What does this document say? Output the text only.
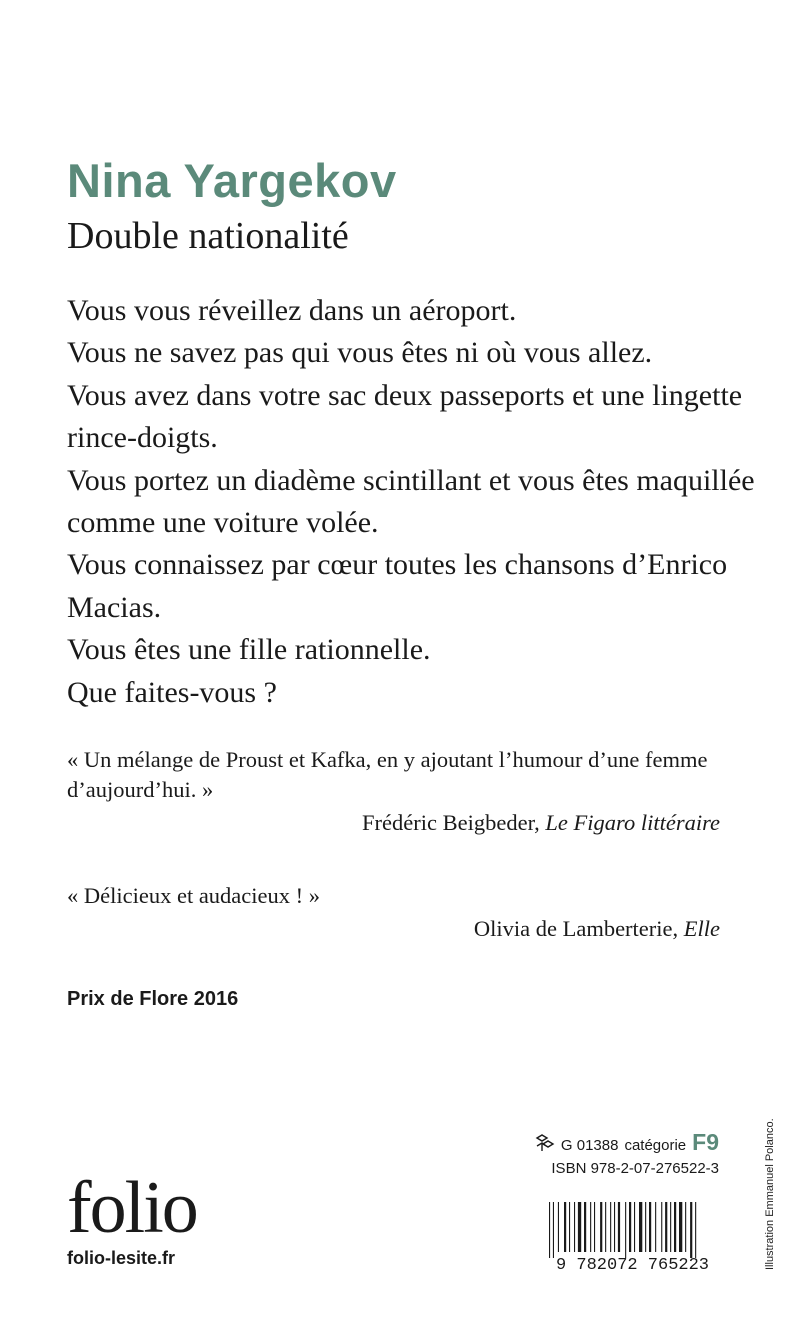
Nina Yargekov
Double nationalité
Vous vous réveillez dans un aéroport.
Vous ne savez pas qui vous êtes ni où vous allez.
Vous avez dans votre sac deux passeports et une lingette
rince-doigts.
Vous portez un diadème scintillant et vous êtes maquillée
comme une voiture volée.
Vous connaissez par cœur toutes les chansons d’Enrico
Macias.
Vous êtes une fille rationnelle.
Que faites-vous ?
« Un mélange de Proust et Kafka, en y ajoutant l’humour d’une femme
d’aujourd’hui. »
Frédéric Beigbeder, Le Figaro littéraire
« Délicieux et audacieux ! »
Olivia de Lamberterie, Elle
Prix de Flore 2016
folio
folio-lesite.fr
G 01388 catégorie F9
ISBN 978-2-07-276522-3
9 782072 765223	Illustration Emmanuel Polanco.
